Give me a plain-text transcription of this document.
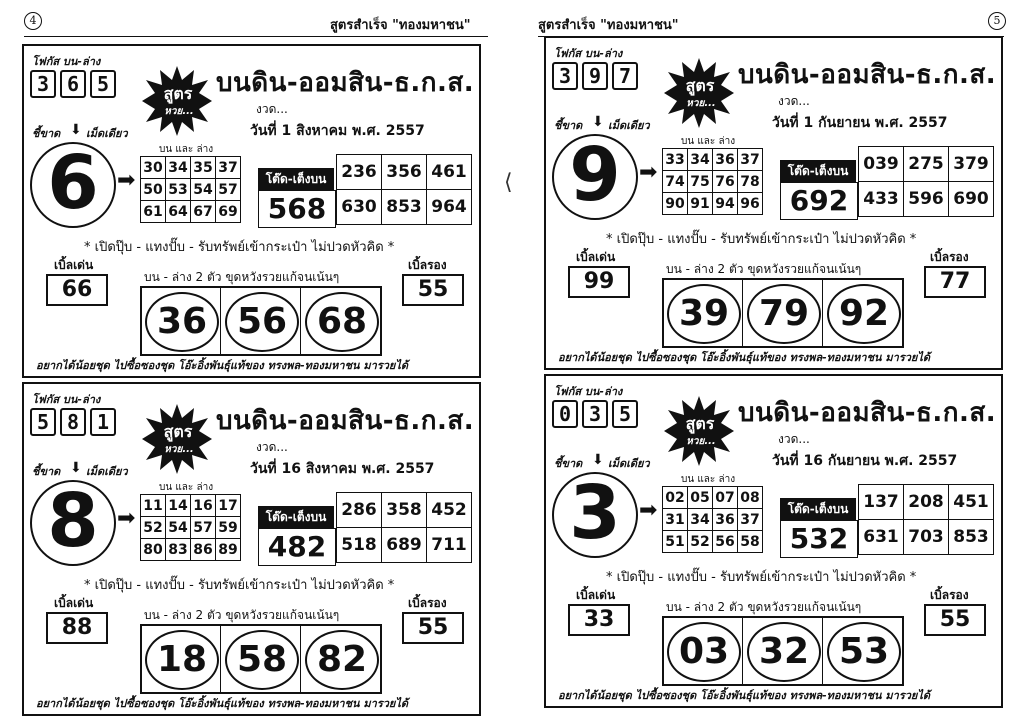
4	สูตรสำเร็จ "ทองมหาชน"	สูตรสำเร็จ "ทองมหาชน"	5
⟨
โฟกัส บน-ล่าง
3 6 5	สูตร
หวย...
บนดิน-ออมสิน-ธ.ก.ส.
งวด...
วันที่ 1 สิงหาคม พ.ศ. 2557
ชี้ขาด ⬇ เม็ดเดียว
6 ➡
บน และ ล่าง
30	34	35	37
50	53	54	57
61	64	67	69
โต๊ด-เต็งบน
568
236	356	461
630	853	964
* เปิดปุ๊บ - แทงปั๊บ - รับทรัพย์เข้ากระเป๋า ไม่ปวดหัวคิด *
เบิ้ลเด่น
66	บน - ล่าง 2 ตัว ขุดหวังรวยแก้จนเน้นๆ
เบิ้ลรอง
55
36 56 68
อยากได้น้อยชุด ไปซื้อซองชุด โอ๊ะอิ้งพันธุ์แท้ของ ทรงพล-ทองมหาชน มารวยได้
โฟกัส บน-ล่าง
3 9 7	สูตร
หวย...
บนดิน-ออมสิน-ธ.ก.ส.
งวด...
วันที่ 1 กันยายน พ.ศ. 2557
ชี้ขาด ⬇ เม็ดเดียว
9 ➡
บน และ ล่าง
33	34	36	37
74	75	76	78
90	91	94	96
โต๊ด-เต็งบน
692
039	275	379
433	596	690
* เปิดปุ๊บ - แทงปั๊บ - รับทรัพย์เข้ากระเป๋า ไม่ปวดหัวคิด *
เบิ้ลเด่น
99	บน - ล่าง 2 ตัว ขุดหวังรวยแก้จนเน้นๆ
เบิ้ลรอง
77
39 79 92
อยากได้น้อยชุด ไปซื้อซองชุด โอ๊ะอิ้งพันธุ์แท้ของ ทรงพล-ทองมหาชน มารวยได้
โฟกัส บน-ล่าง
5 8 1	สูตร
หวย...
บนดิน-ออมสิน-ธ.ก.ส.
งวด...
วันที่ 16 สิงหาคม พ.ศ. 2557
ชี้ขาด ⬇ เม็ดเดียว
8 ➡
บน และ ล่าง
11	14	16	17
52	54	57	59
80	83	86	89
โต๊ด-เต็งบน
482
286	358	452
518	689	711
* เปิดปุ๊บ - แทงปั๊บ - รับทรัพย์เข้ากระเป๋า ไม่ปวดหัวคิด *
เบิ้ลเด่น
88	บน - ล่าง 2 ตัว ขุดหวังรวยแก้จนเน้นๆ
เบิ้ลรอง
55
18 58 82
อยากได้น้อยชุด ไปซื้อซองชุด โอ๊ะอิ้งพันธุ์แท้ของ ทรงพล-ทองมหาชน มารวยได้
โฟกัส บน-ล่าง
0 3 5	สูตร
หวย...
บนดิน-ออมสิน-ธ.ก.ส.
งวด...
วันที่ 16 กันยายน พ.ศ. 2557
ชี้ขาด ⬇ เม็ดเดียว
3 ➡
บน และ ล่าง
02	05	07	08
31	34	36	37
51	52	56	58
โต๊ด-เต็งบน
532
137	208	451
631	703	853
* เปิดปุ๊บ - แทงปั๊บ - รับทรัพย์เข้ากระเป๋า ไม่ปวดหัวคิด *
เบิ้ลเด่น
33	บน - ล่าง 2 ตัว ขุดหวังรวยแก้จนเน้นๆ
เบิ้ลรอง
55
03 32 53
อยากได้น้อยชุด ไปซื้อซองชุด โอ๊ะอิ้งพันธุ์แท้ของ ทรงพล-ทองมหาชน มารวยได้
